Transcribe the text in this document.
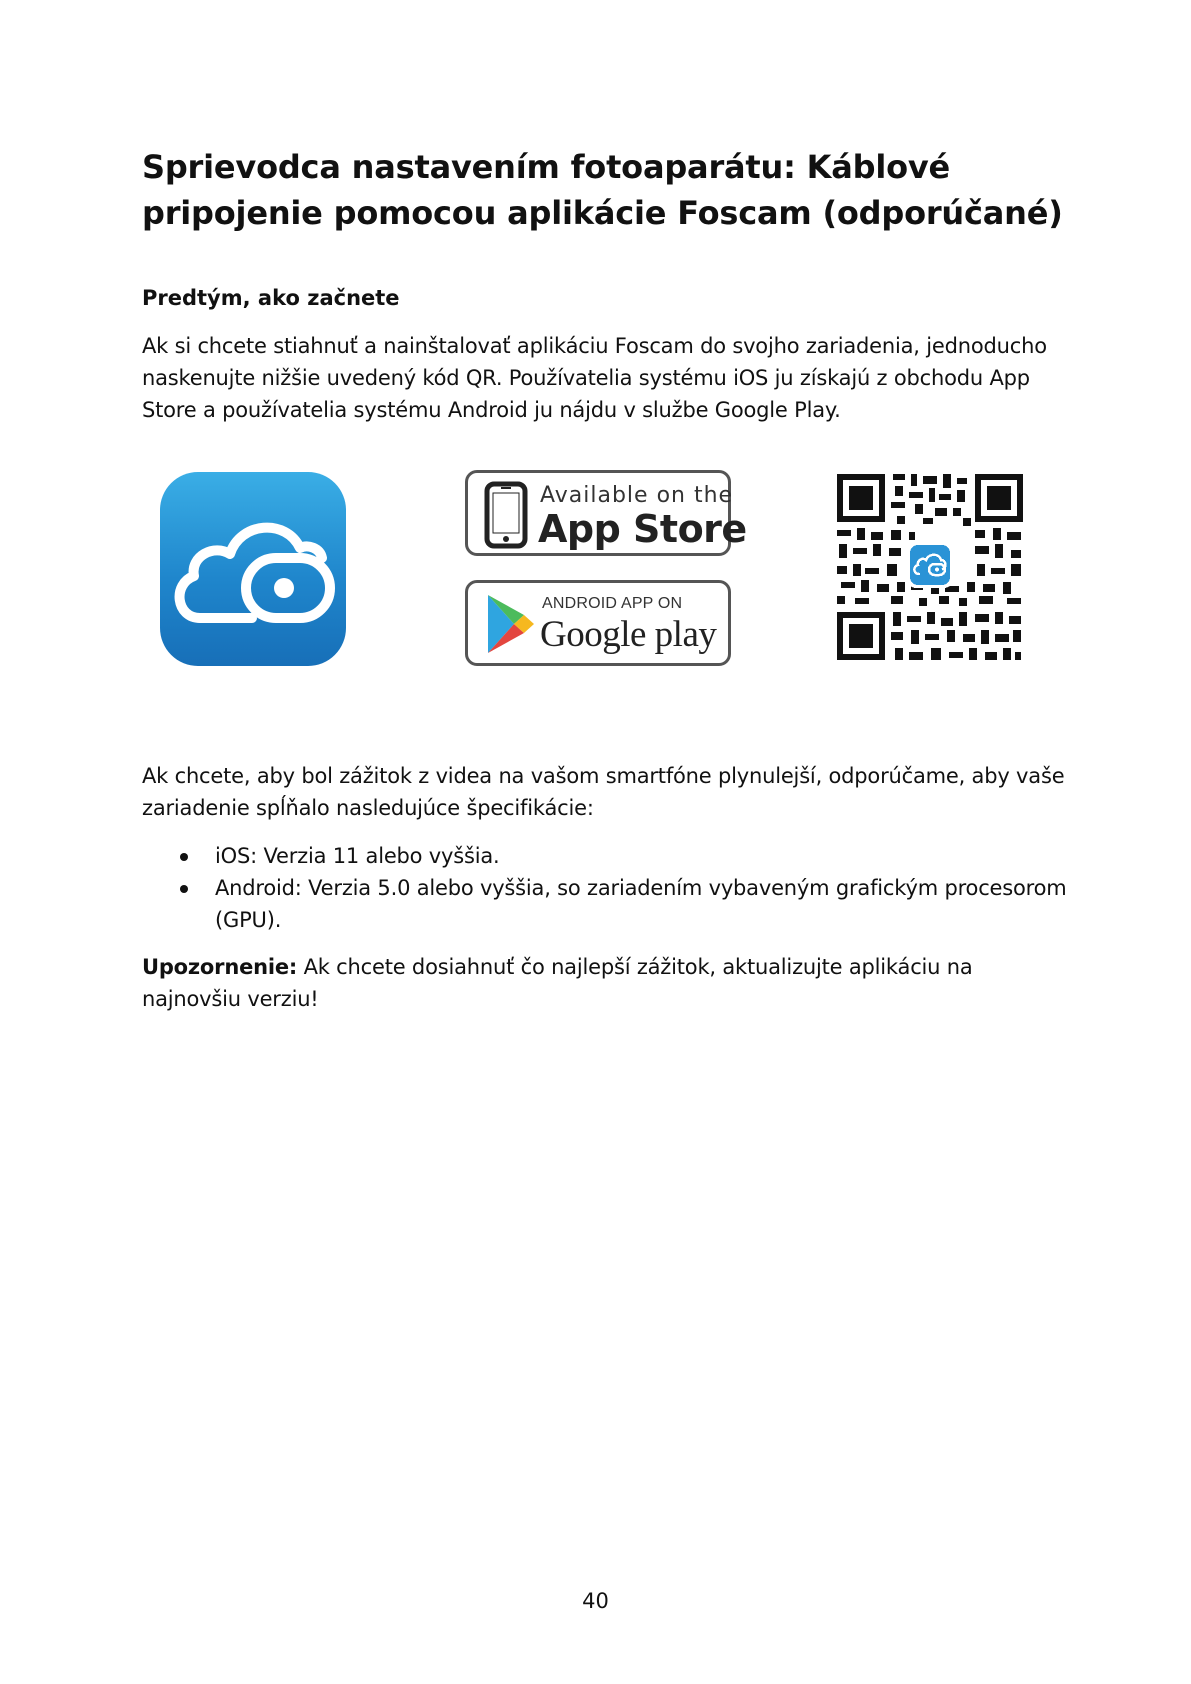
Sprievodca nastavením fotoaparátu: Káblové pripojenie pomocou aplikácie Foscam (odporúčané)
Predtým, ako začnete

Ak si chcete stiahnuť a nainštalovať aplikáciu Foscam do svojho zariadenia, jednoducho naskenujte nižšie uvedený kód QR. Používatelia systému iOS ju získajú z obchodu App Store a používatelia systému Android ju nájdu v službe Google Play.

Available on the
App Store
ANDROID APP ON
Google play

Ak chcete, aby bol zážitok z videa na vašom smartfóne plynulejší, odporúčame, aby vaše zariadenie spĺňalo nasledujúce špecifikácie:

iOS: Verzia 11 alebo vyššia.
Android: Verzia 5.0 alebo vyššia, so zariadením vybaveným grafickým procesorom (GPU).

Upozornenie: Ak chcete dosiahnuť čo najlepší zážitok, aktualizujte aplikáciu na najnovšiu verziu!

40
